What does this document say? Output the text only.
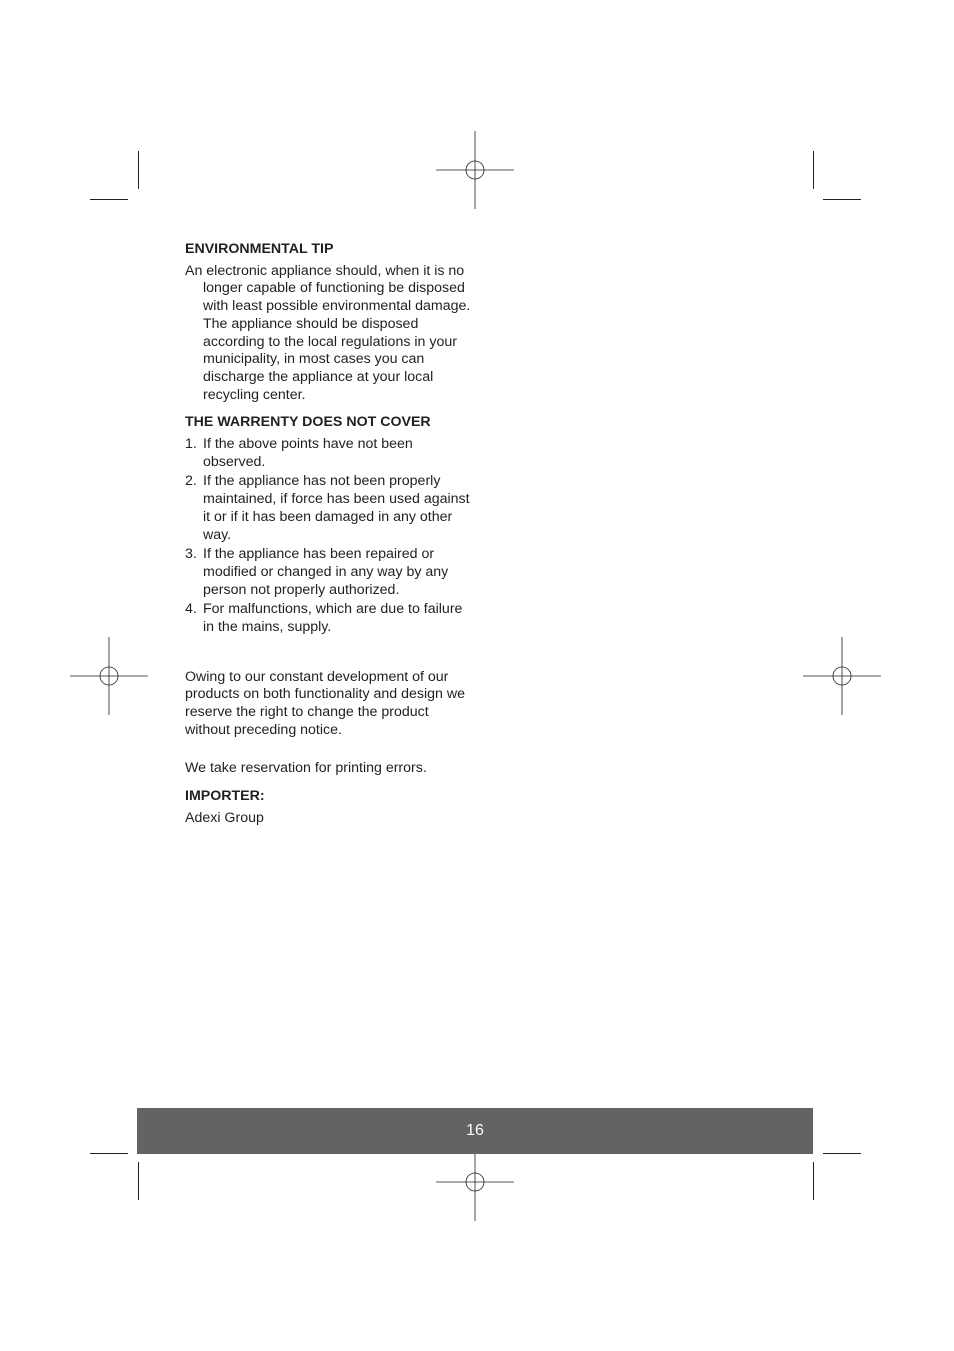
ENVIRONMENTAL TIP

An electronic appliance should, when it is no longer capable of functioning be disposed with least possible environmental damage. The appliance should be disposed according to the local regulations in your municipality, in most cases you can discharge the appliance at your local recycling center.

THE WARRENTY DOES NOT COVER
1. If the above points have not been observed.
2. If the appliance has not been properly maintained, if force has been used against it or if it has been damaged in any other way.
3. If the appliance has been repaired or modified or changed in any way by any person not properly authorized.
4. For malfunctions, which are due to failure in the mains, supply.

Owing to our constant development of our products on both functionality and design we reserve the right to change the product without preceding notice.

We take reservation for printing errors.

IMPORTER:

Adexi Group

16
